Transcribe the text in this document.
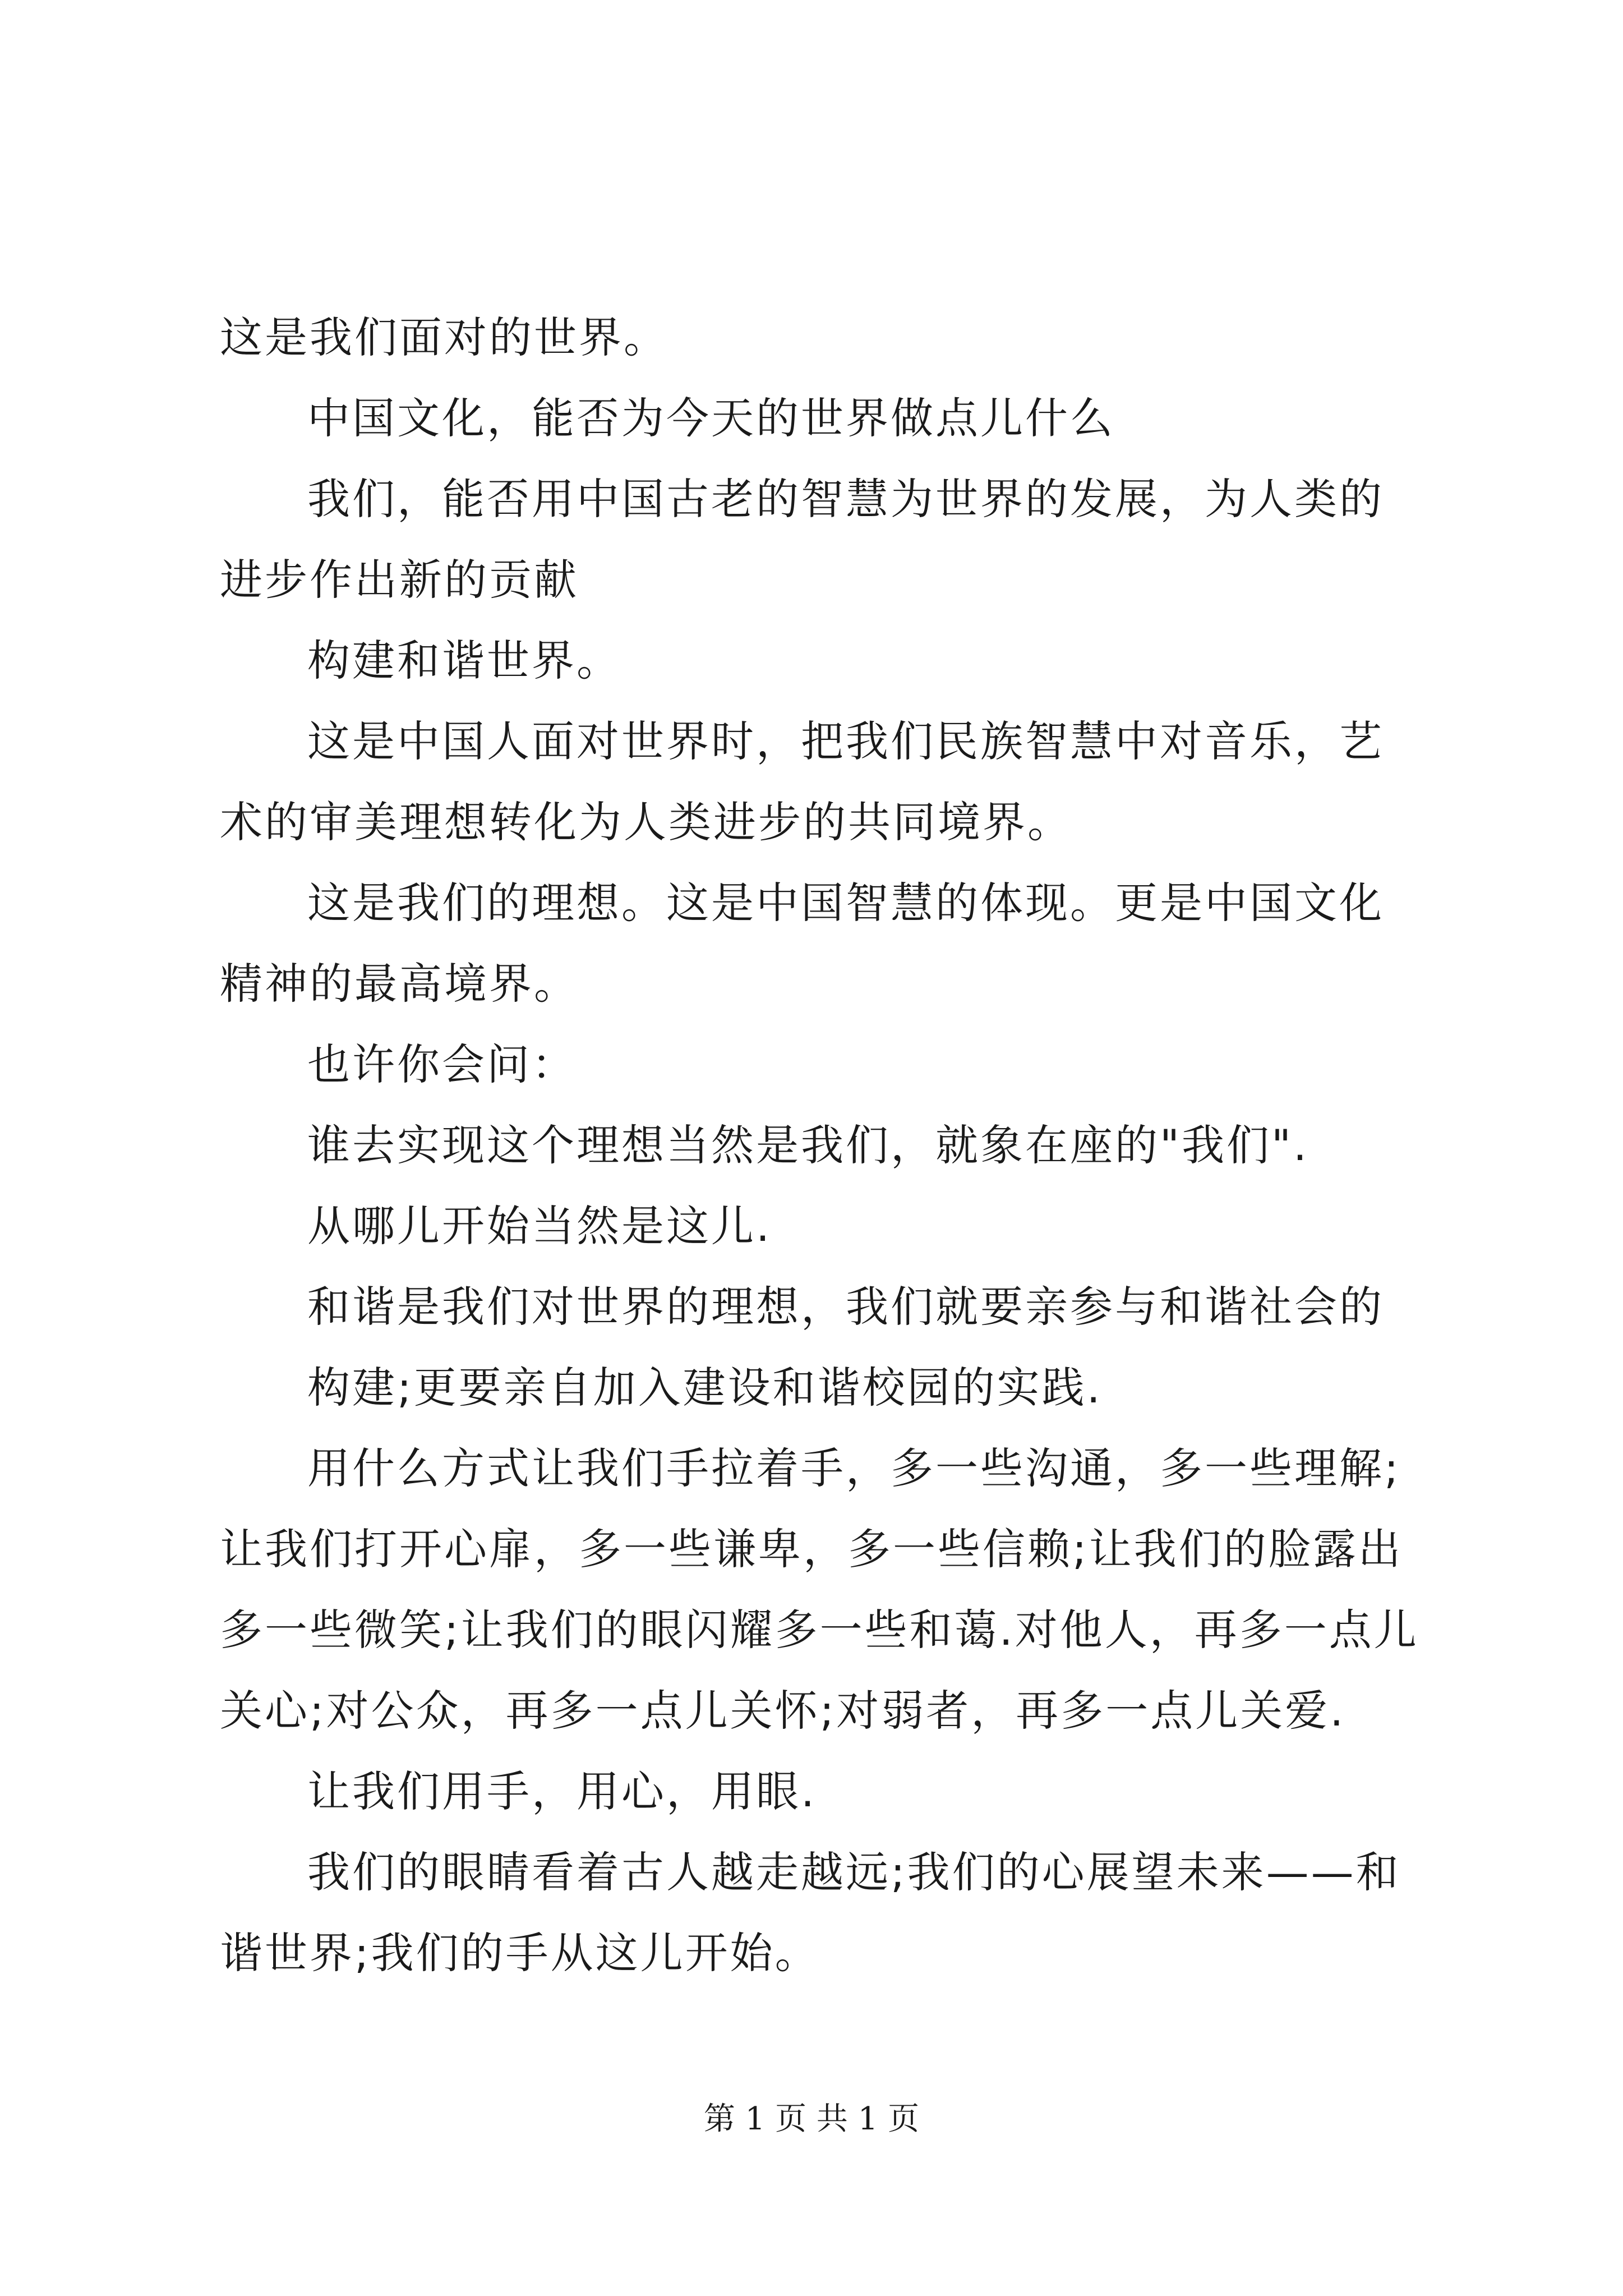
这是我们面对的世界。

中国文化，能否为今天的世界做点儿什么

我们，能否用中国古老的智慧为世界的发展，为人类的进步作出新的贡献

构建和谐世界。

这是中国人面对世界时，把我们民族智慧中对音乐，艺术的审美理想转化为人类进步的共同境界。

这是我们的理想。这是中国智慧的体现。更是中国文化精神的最高境界。

也许你会问：

谁去实现这个理想当然是我们，就象在座的"我们".

从哪儿开始当然是这儿.

和谐是我们对世界的理想，我们就要亲参与和谐社会的

构建;更要亲自加入建设和谐校园的实践.

用什么方式让我们手拉着手，多一些沟通，多一些理解;让我们打开心扉，多一些谦卑，多一些信赖;让我们的脸露出多一些微笑;让我们的眼闪耀多一些和蔼.对他人，再多一点儿关心;对公众，再多一点儿关怀;对弱者，再多一点儿关爱.

让我们用手，用心，用眼.

我们的眼睛看着古人越走越远;我们的心展望未来——和谐世界;我们的手从这儿开始。

第 1 页 共 1 页
